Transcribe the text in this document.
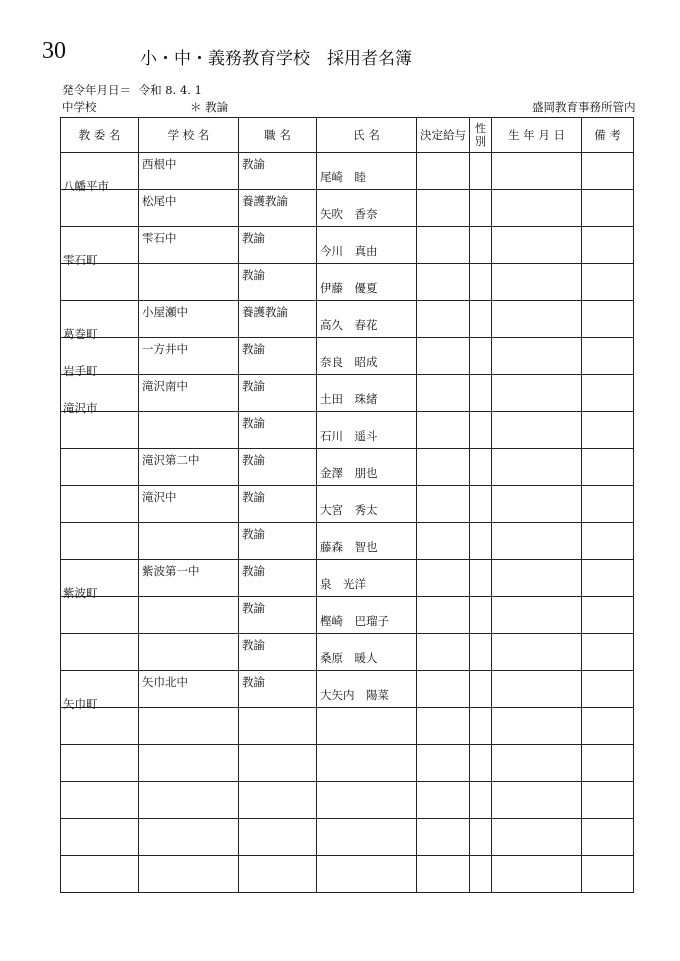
30	小・中・義務教育学校　採用者名簿
発令年月日＝ 令和 8. 4. 1
中学校	＊ 教論	盛岡教育事務所管内
教 委 名	学 校 名	職 名	氏 名	決定給与	性別	生 年 月 日	備 考

八幡平市	西根中	教諭	尾崎　睦				

	松尾中	養護教諭	矢吹　香奈				

雫石町	雫石中	教諭	今川　真由				

		教諭	伊藤　優夏				

葛巻町	小屋瀬中	養護教諭	高久　春花				

岩手町	一方井中	教諭	奈良　昭成				

滝沢市	滝沢南中	教諭	土田　珠緒				

		教諭	石川　遥斗				

	滝沢第二中	教諭	金澤　朋也				

	滝沢中	教諭	大宮　秀太				

		教諭	藤森　智也				

紫波町	紫波第一中	教諭	泉　光洋				

		教諭	樫崎　巴瑠子				

		教諭	桑原　暖人				

矢巾町	矢巾北中	教諭	大矢内　陽菜				
